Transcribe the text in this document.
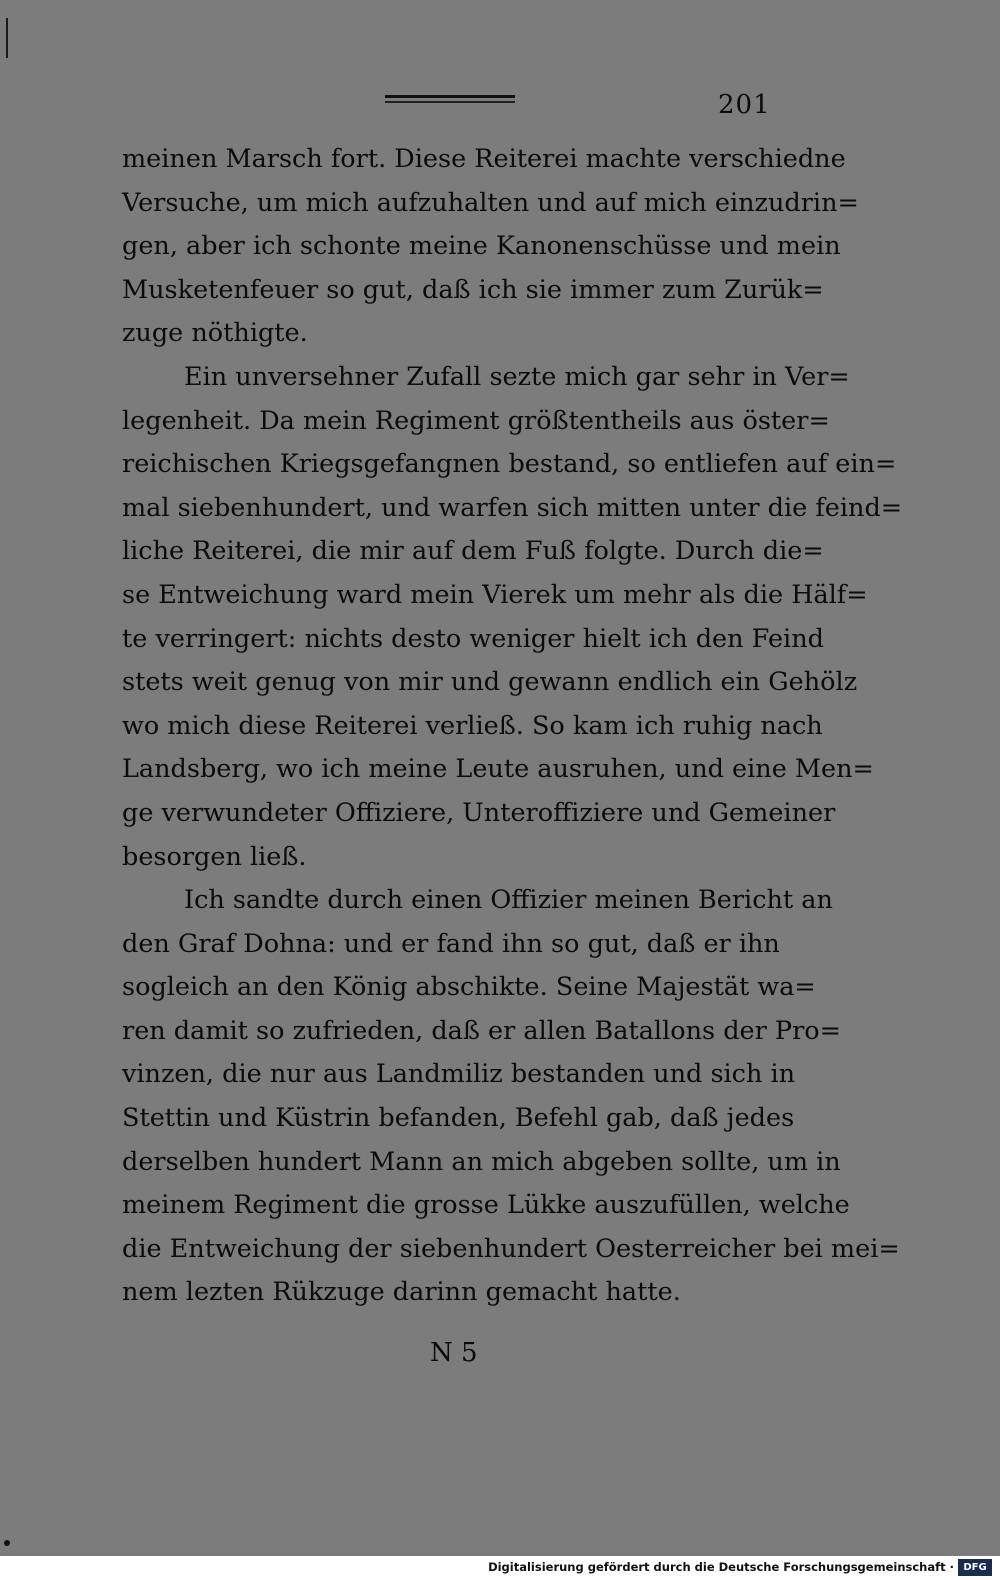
201
meinen Marsch fort. Diese Reiterei machte verschiedne
Versuche, um mich aufzuhalten und auf mich einzudrin=
gen, aber ich schonte meine Kanonenschüsse und mein
Musketenfeuer so gut, daß ich sie immer zum Zurük=
zuge nöthigte.
Ein unversehner Zufall sezte mich gar sehr in Ver=
legenheit. Da mein Regiment größtentheils aus öster=
reichischen Kriegsgefangnen bestand, so entliefen auf ein=
mal siebenhundert, und warfen sich mitten unter die feind=
liche Reiterei, die mir auf dem Fuß folgte. Durch die=
se Entweichung ward mein Vierek um mehr als die Hälf=
te verringert: nichts desto weniger hielt ich den Feind
stets weit genug von mir und gewann endlich ein Gehölz
wo mich diese Reiterei verließ. So kam ich ruhig nach
Landsberg, wo ich meine Leute ausruhen, und eine Men=
ge verwundeter Offiziere, Unteroffiziere und Gemeiner
besorgen ließ.
Ich sandte durch einen Offizier meinen Bericht an
den Graf Dohna: und er fand ihn so gut, daß er ihn
sogleich an den König abschikte. Seine Majestät wa=
ren damit so zufrieden, daß er allen Batallons der Pro=
vinzen, die nur aus Landmiliz bestanden und sich in
Stettin und Küstrin befanden, Befehl gab, daß jedes
derselben hundert Mann an mich abgeben sollte, um in
meinem Regiment die grosse Lükke auszufüllen, welche
die Entweichung der siebenhundert Oesterreicher bei mei=
nem lezten Rükzuge darinn gemacht hatte.
N 5
Digitalisierung gefördert durch die Deutsche Forschungsgemeinschaft · DFG
